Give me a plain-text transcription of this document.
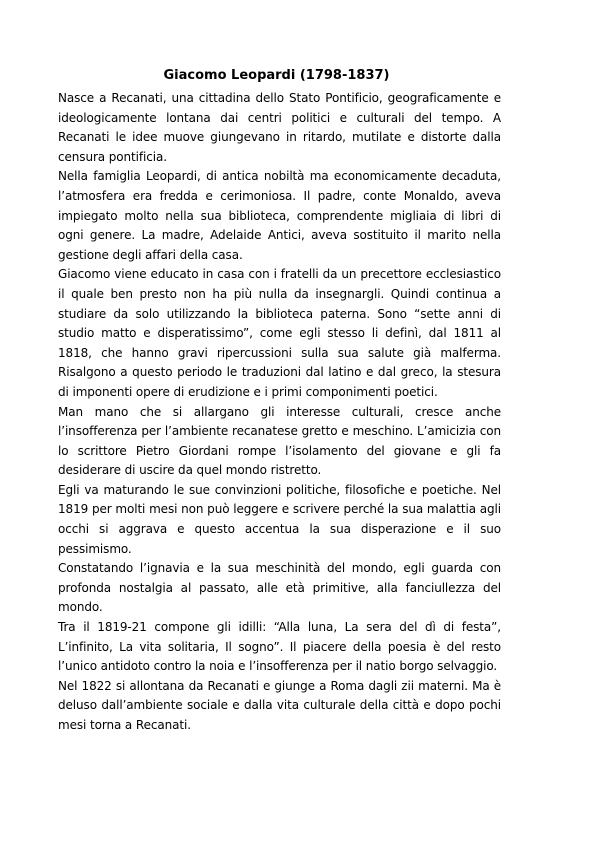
Giacomo Leopardi (1798-1837)

Nasce a Recanati, una cittadina dello Stato Pontificio, geograficamente e ideologicamente lontana dai centri politici e culturali del tempo. A Recanati le idee muove giungevano in ritardo, mutilate e distorte dalla censura pontificia.

Nella famiglia Leopardi, di antica nobiltà ma economicamente decaduta, l’atmosfera era fredda e cerimoniosa. Il padre, conte Monaldo, aveva impiegato molto nella sua biblioteca, comprendente migliaia di libri di ogni genere. La madre, Adelaide Antici, aveva sostituito il marito nella gestione degli affari della casa.

Giacomo viene educato in casa con i fratelli da un precettore ecclesiastico il quale ben presto non ha più nulla da insegnargli. Quindi continua a studiare da solo utilizzando la biblioteca paterna. Sono “sette anni di studio matto e disperatissimo”, come egli stesso li definì, dal 1811 al 1818, che hanno gravi ripercussioni sulla sua salute già malferma. Risalgono a questo periodo le traduzioni dal latino e dal greco, la stesura di imponenti opere di erudizione e i primi componimenti poetici.

Man mano che si allargano gli interesse culturali, cresce anche l’insofferenza per l’ambiente recanatese gretto e meschino. L’amicizia con lo scrittore Pietro Giordani rompe l’isolamento del giovane e gli fa desiderare di uscire da quel mondo ristretto.

Egli va maturando le sue convinzioni politiche, filosofiche e poetiche. Nel 1819 per molti mesi non può leggere e scrivere perché la sua malattia agli occhi si aggrava e questo accentua la sua disperazione e il suo pessimismo.

Constatando l’ignavia e la sua meschinità del mondo, egli guarda con profonda nostalgia al passato, alle età primitive, alla fanciullezza del mondo.

Tra il 1819-21 compone gli idilli: “Alla luna, La sera del dì di festa”, L’infinito, La vita solitaria, Il sogno”. Il piacere della poesia è del resto l’unico antidoto contro la noia e l’insofferenza per il natio borgo selvaggio.

Nel 1822 si allontana da Recanati e giunge a Roma dagli zii materni. Ma è deluso dall’ambiente sociale e dalla vita culturale della città e dopo pochi mesi torna a Recanati.
